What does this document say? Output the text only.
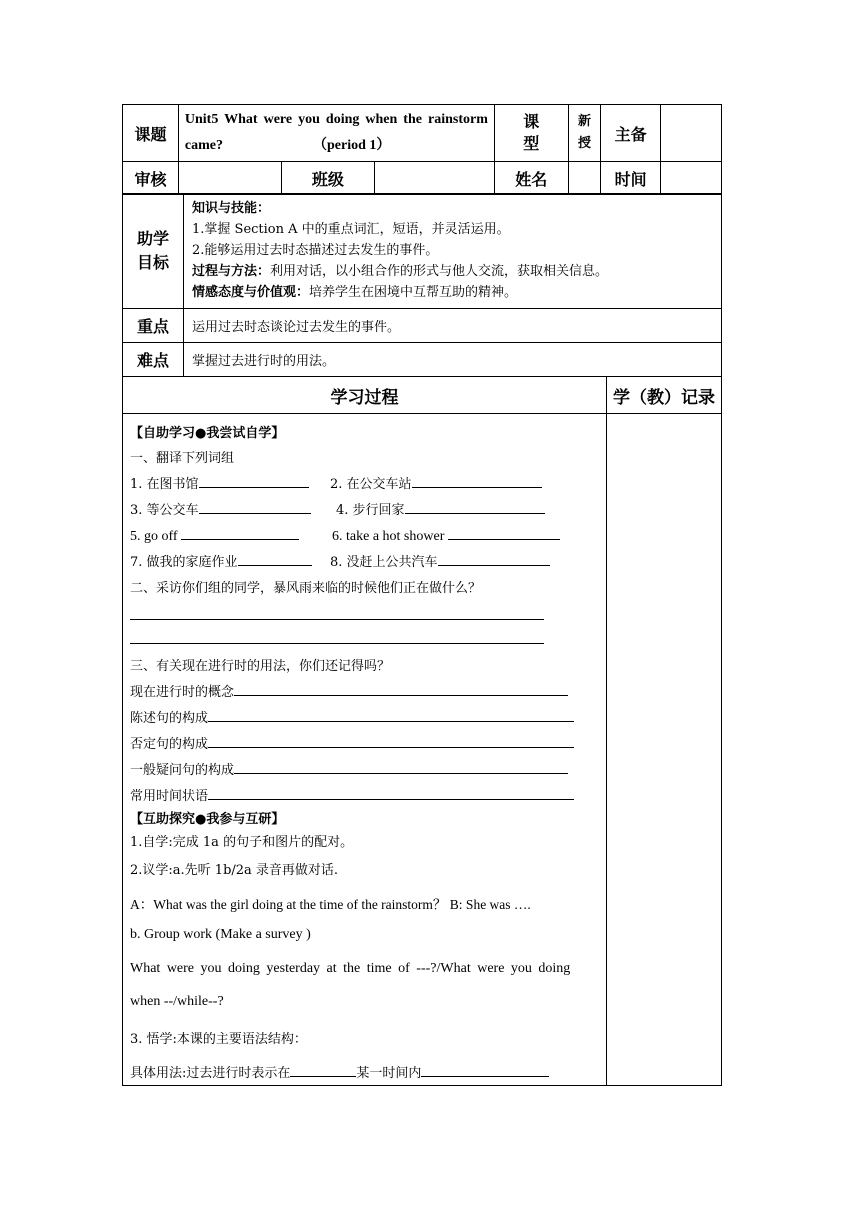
课题	Unit5 What were you doing when the rainstorm came? （period 1）			课型	新授	主备	
审核		班级		姓名		时间	
助学目标	知识与技能：
1.掌握 Section A 中的重点词汇，短语，并灵活运用。
2.能够运用过去时态描述过去发生的事件。
过程与方法：利用对话，以小组合作的形式与他人交流，获取相关信息。
情感态度与价值观：培养学生在困境中互帮互助的精神。

重点	运用过去时态谈论过去发生的事件。
难点	掌握过去进行时的用法。
学习过程	学（教）记录

【自助学习●我尝试自学】
一、翻译下列词组
1. 在图书馆	2. 在公交车站
3. 等公交车	4. 步行回家
5. go off	6. take a hot shower
7. 做我的家庭作业	8. 没赶上公共汽车
二、采访你们组的同学，暴风雨来临的时候他们正在做什么？
三、有关现在进行时的用法，你们还记得吗？
现在进行时的概念
陈述句的构成
否定句的构成
一般疑问句的构成
常用时间状语
【互助探究●我参与互研】
1.自学:完成 1a 的句子和图片的配对。
2.议学:a.先听 1b/2a 录音再做对话.
A：What was the girl doing at the time of the rainstorm？ B: She was ….
b. Group work (Make a survey )
What were you doing yesterday at the time of ---?/What were you doing
when --/while--?
3. 悟学:本课的主要语法结构：
具体用法:过去进行时表示在	某一时间内
